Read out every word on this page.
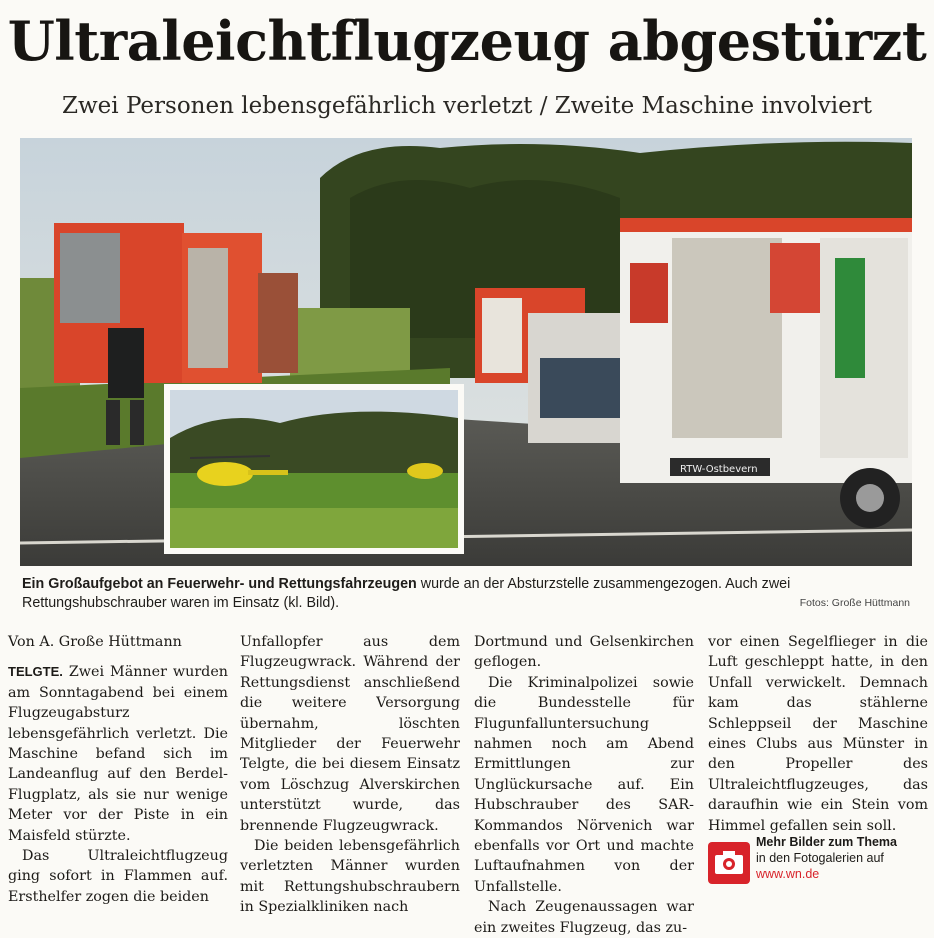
Ultraleichtflugzeug abgestürzt
Zwei Personen lebensgefährlich verletzt / Zweite Maschine involviert
RTW-Ostbevern
Ein Großaufgebot an Feuerwehr- und Rettungsfahrzeugen wurde an der Absturzstelle zusammengezogen. Auch zwei Rettungshubschrauber waren im Einsatz (kl. Bild).	Fotos: Große Hüttmann
Von A. Große Hüttmann

TELGTE. Zwei Männer wurden am Sonntagabend bei einem Flugzeugabsturz lebensgefährlich verletzt. Die Maschine befand sich im Landeanflug auf den Berdel-Flugplatz, als sie nur wenige Meter vor der Piste in ein Maisfeld stürzte.

Das Ultraleichtflugzeug ging sofort in Flammen auf. Ersthelfer zogen die beiden

Unfallopfer aus dem Flugzeugwrack. Während der Rettungsdienst anschließend die weitere Versorgung übernahm, löschten Mitglieder der Feuerwehr Telgte, die bei diesem Einsatz vom Löschzug Alverskirchen unterstützt wurde, das brennende Flugzeugwrack.

Die beiden lebensgefährlich verletzten Männer wurden mit Rettungshubschraubern in Spezialkliniken nach

Dortmund und Gelsenkirchen geflogen.

Die Kriminalpolizei sowie die Bundesstelle für Flugunfalluntersuchung nahmen noch am Abend Ermittlungen zur Unglückursache auf. Ein Hubschrauber des SAR-Kommandos Nörvenich war ebenfalls vor Ort und machte Luftaufnahmen von der Unfallstelle.

Nach Zeugenaussagen war ein zweites Flugzeug, das zu-

vor einen Segelflieger in die Luft geschleppt hatte, in den Unfall verwickelt. Demnach kam das stählerne Schleppseil der Maschine eines Clubs aus Münster in den Propeller des Ultraleichtflugzeuges, das daraufhin wie ein Stein vom Himmel gefallen sein soll.

Mehr Bilder zum Thema
in den Fotogalerien auf
www.wn.de
